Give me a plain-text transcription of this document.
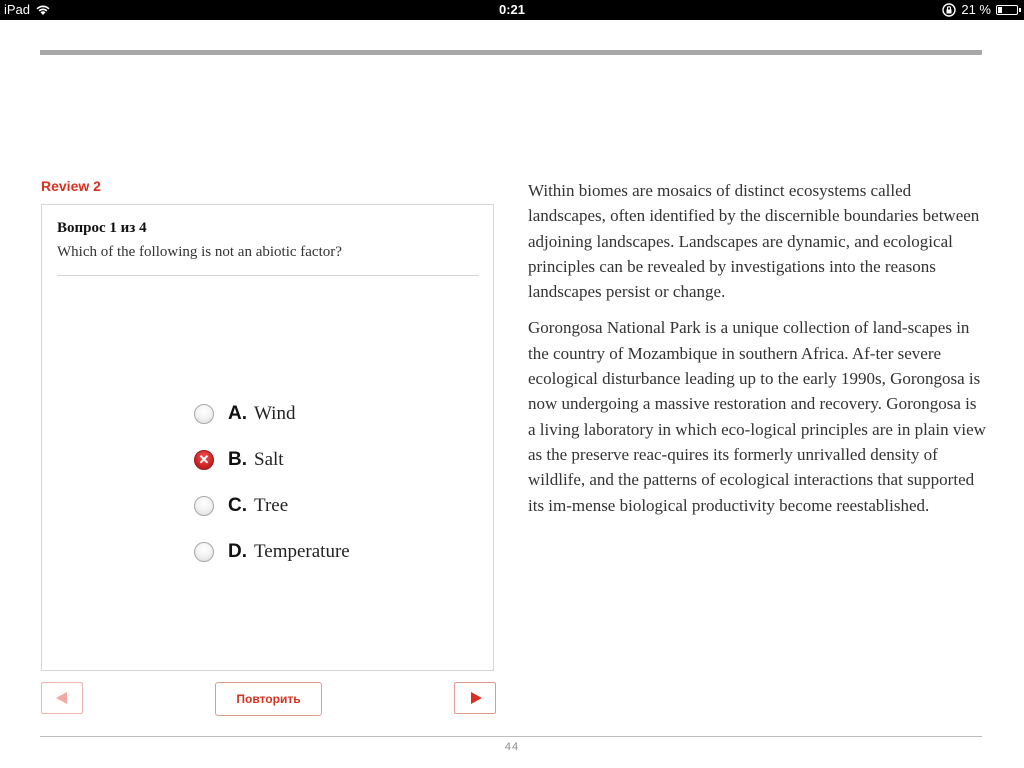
iPad	0:21	21 %
Review 2
Вопрос 1 из 4
Which of the following is not an abiotic factor?
A. Wind
✕ B. Salt
C. Tree
D. Temperature
Повторить

Within biomes are mosaics of distinct ecosystems called landscapes, often identified by the discernible boundaries between adjoining landscapes. Landscapes are dynamic, and ecological principles can be revealed by investigations into the reasons landscapes persist or change.

Gorongosa National Park is a unique collection of land-scapes in the country of Mozambique in southern Africa. Af-ter severe ecological disturbance leading up to the early 1990s, Gorongosa is now undergoing a massive restoration and recovery. Gorongosa is a living laboratory in which eco-logical principles are in plain view as the preserve reac-quires its formerly unrivalled density of wildlife, and the patterns of ecological interactions that supported its im-mense biological productivity become reestablished.

44
